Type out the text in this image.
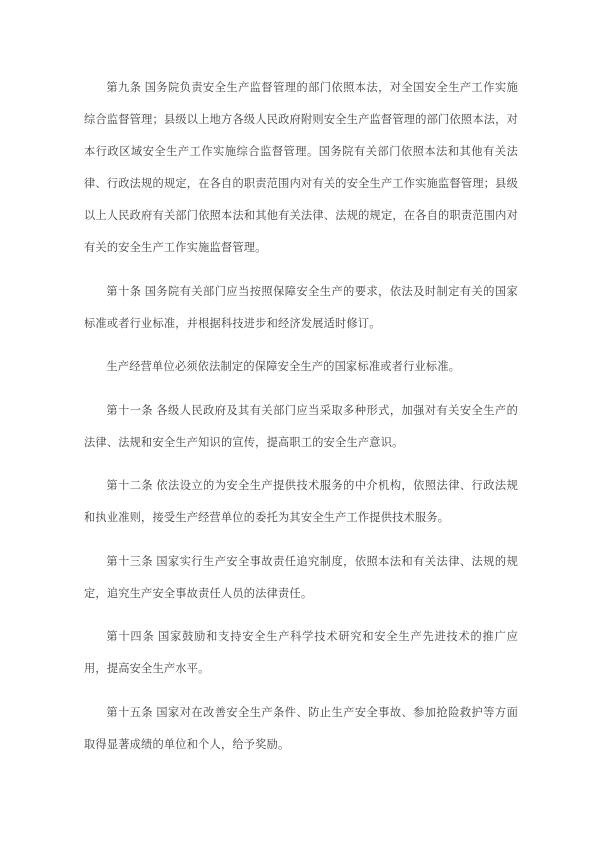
第九条 国务院负责安全生产监督管理的部门依照本法，对全国安全生产工作实施综合监督管理；县级以上地方各级人民政府附则安全生产监督管理的部门依照本法，对本行政区域安全生产工作实施综合监督管理。国务院有关部门依照本法和其他有关法律、行政法规的规定，在各自的职责范围内对有关的安全生产工作实施监督管理；县级以上人民政府有关部门依照本法和其他有关法律、法规的规定，在各自的职责范围内对有关的安全生产工作实施监督管理。

第十条 国务院有关部门应当按照保障安全生产的要求，依法及时制定有关的国家标准或者行业标准，并根据科技进步和经济发展适时修订。

生产经营单位必须依法制定的保障安全生产的国家标准或者行业标准。

第十一条 各级人民政府及其有关部门应当采取多种形式，加强对有关安全生产的法律、法规和安全生产知识的宣传，提高职工的安全生产意识。

第十二条 依法设立的为安全生产提供技术服务的中介机构，依照法律、行政法规和执业准则，接受生产经营单位的委托为其安全生产工作提供技术服务。

第十三条 国家实行生产安全事故责任追究制度，依照本法和有关法律、法规的规定，追究生产安全事故责任人员的法律责任。

第十四条 国家鼓励和支持安全生产科学技术研究和安全生产先进技术的推广应用，提高安全生产水平。

第十五条 国家对在改善安全生产条件、防止生产安全事故、参加抢险救护等方面取得显著成绩的单位和个人，给予奖励。
